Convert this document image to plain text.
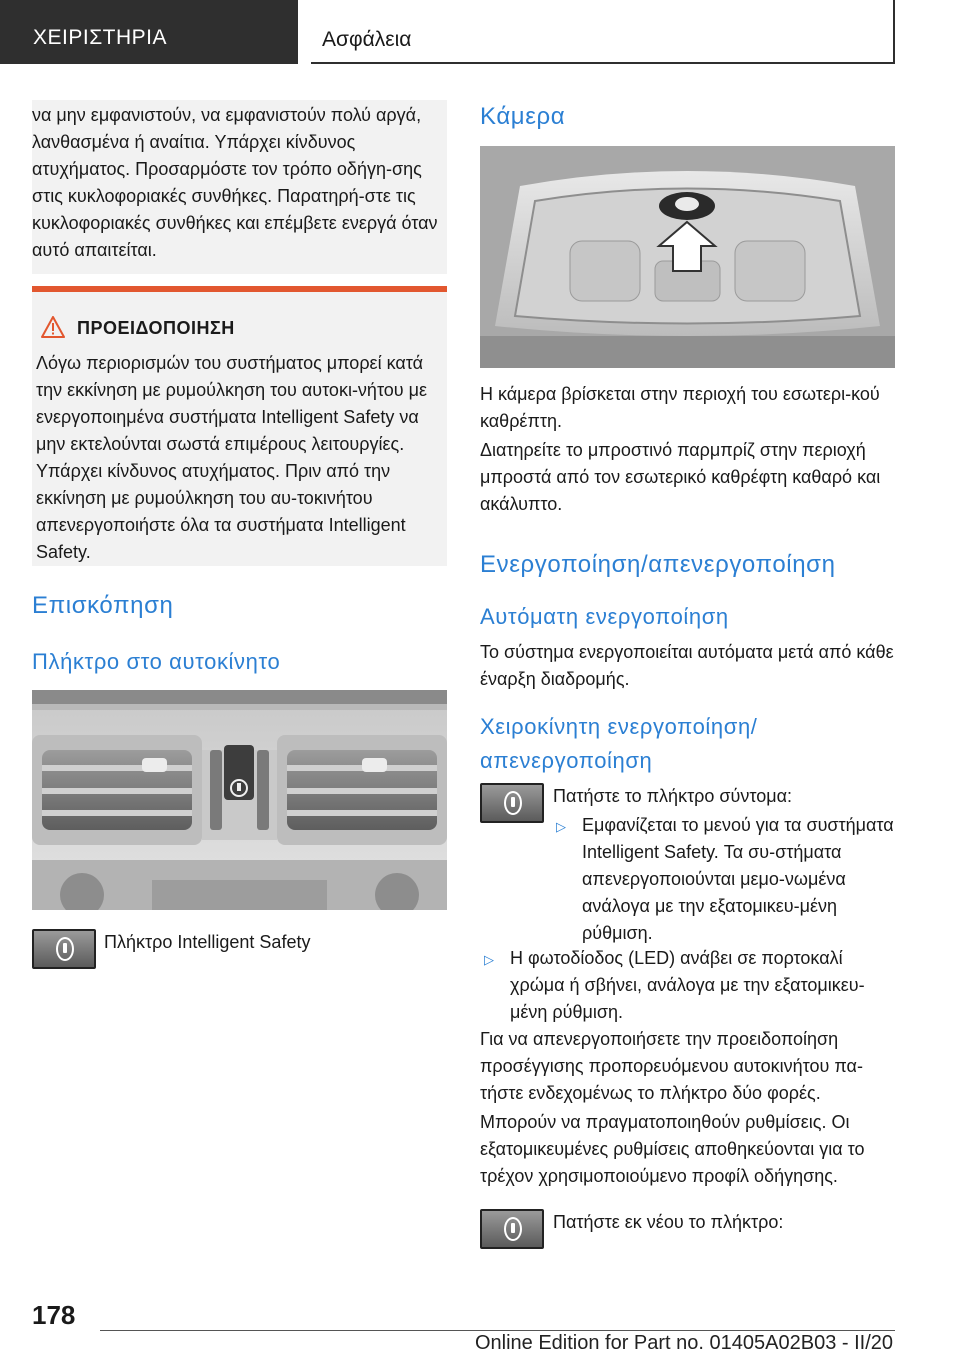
ΧΕΙΡΙΣΤΗΡΙΑ	Ασφάλεια

να μην εμφανιστούν, να εμφανιστούν πολύ αργά, λανθασμένα ή αναίτια. Υπάρχει κίνδυνος ατυχήματος. Προσαρμόστε τον τρόπο οδήγη-σης στις κυκλοφοριακές συνθήκες. Παρατηρή-στε τις κυκλοφοριακές συνθήκες και επέμβετε ενεργά όταν αυτό απαιτείται.

ΠΡΟΕΙΔΟΠΟΙΗΣΗ

Λόγω περιορισμών του συστήματος μπορεί κατά την εκκίνηση με ρυμούλκηση του αυτοκι-νήτου με ενεργοποιημένα συστήματα Intelligent Safety να μην εκτελούνται σωστά επιμέρους λειτουργίες. Υπάρχει κίνδυνος ατυχήματος. Πριν από την εκκίνηση με ρυμούλκηση του αυ-τοκινήτου απενεργοποιήστε όλα τα συστήματα Intelligent Safety.

Επισκόπηση
Πλήκτρο στο αυτοκίνητο

Πλήκτρο Intelligent Safety

Κάμερα

Η κάμερα βρίσκεται στην περιοχή του εσωτερι-κού καθρέπτη.

Διατηρείτε το μπροστινό παρμπρίζ στην περιοχή μπροστά από τον εσωτερικό καθρέφτη καθαρό και ακάλυπτο.

Ενεργοποίηση/απενεργοποίηση
Αυτόματη ενεργοποίηση

Το σύστημα ενεργοποιείται αυτόματα μετά από κάθε έναρξη διαδρομής.

Χειροκίνητη ενεργοποίηση/ απενεργοποίηση

Πατήστε το πλήκτρο σύντομα:

▷ Εμφανίζεται το μενού για τα συστήματα Intelligent Safety. Τα συ-στήματα απενεργοποιούνται μεμο-νωμένα ανάλογα με την εξατομικευ-μένη ρύθμιση.

▷ Η φωτοδίοδος (LED) ανάβει σε πορτοκαλί χρώμα ή σβήνει, ανάλογα με την εξατομικευ-μένη ρύθμιση.

Για να απενεργοποιήσετε την προειδοποίηση προσέγγισης προπορευόμενου αυτοκινήτου πα-τήστε ενδεχομένως το πλήκτρο δύο φορές.

Μπορούν να πραγματοποιηθούν ρυθμίσεις. Οι εξατομικευμένες ρυθμίσεις αποθηκεύονται για το τρέχον χρησιμοποιούμενο προφίλ οδήγησης.

Πατήστε εκ νέου το πλήκτρο:

178
Online Edition for Part no. 01405A02B03 - II/20
